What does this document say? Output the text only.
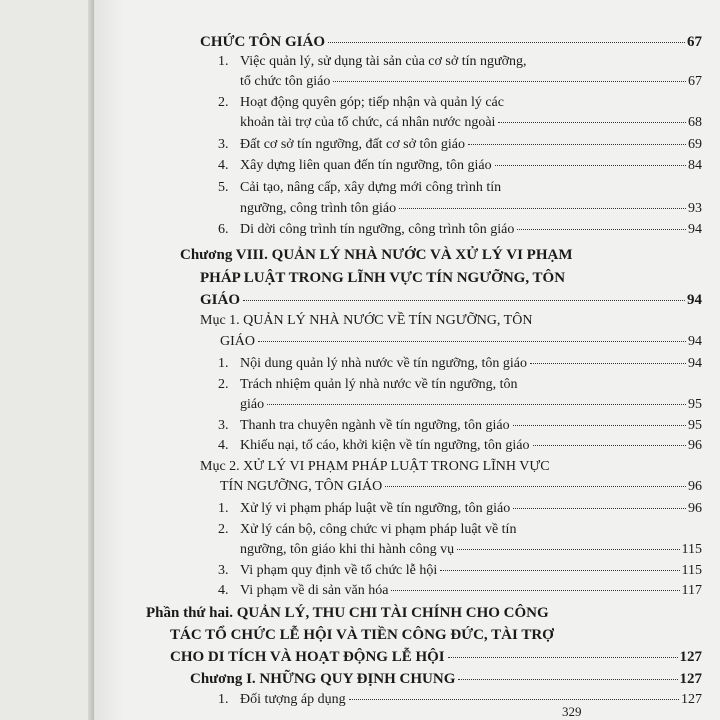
CHỨC TÔN GIÁO	67
1. Việc quản lý, sử dụng tài sản của cơ sở tín ngưỡng,
tổ chức tôn giáo	67
2. Hoạt động quyên góp; tiếp nhận và quản lý các
khoản tài trợ của tổ chức, cá nhân nước ngoài	68
3. Đất cơ sở tín ngưỡng, đất cơ sở tôn giáo	69
4. Xây dựng liên quan đến tín ngưỡng, tôn giáo	84
5. Cải tạo, nâng cấp, xây dựng mới công trình tín
ngưỡng, công trình tôn giáo	93
6. Di dời công trình tín ngưỡng, công trình tôn giáo	94
Chương VIII. QUẢN LÝ NHÀ NƯỚC VÀ XỬ LÝ VI PHẠM
PHÁP LUẬT TRONG LĨNH VỰC TÍN NGƯỠNG, TÔN
GIÁO	94
Mục 1. QUẢN LÝ NHÀ NƯỚC VỀ TÍN NGƯỠNG, TÔN
GIÁO	94
1. Nội dung quản lý nhà nước về tín ngưỡng, tôn giáo	94
2. Trách nhiệm quản lý nhà nước về tín ngưỡng, tôn
giáo	95
3. Thanh tra chuyên ngành về tín ngưỡng, tôn giáo	95
4. Khiếu nại, tố cáo, khởi kiện về tín ngưỡng, tôn giáo	96
Mục 2. XỬ LÝ VI PHẠM PHÁP LUẬT TRONG LĨNH VỰC
TÍN NGƯỠNG, TÔN GIÁO	96
1. Xử lý vi phạm pháp luật về tín ngưỡng, tôn giáo	96
2. Xử lý cán bộ, công chức vi phạm pháp luật về tín
ngưỡng, tôn giáo khi thi hành công vụ	115
3. Vi phạm quy định về tổ chức lễ hội	115
4. Vi phạm về di sản văn hóa	117
Phần thứ hai. QUẢN LÝ, THU CHI TÀI CHÍNH CHO CÔNG
TÁC TỔ CHỨC LỄ HỘI VÀ TIỀN CÔNG ĐỨC, TÀI TRỢ
CHO DI TÍCH VÀ HOẠT ĐỘNG LỄ HỘI	127
Chương I. NHỮNG QUY ĐỊNH CHUNG	127
1. Đối tượng áp dụng	127
329
